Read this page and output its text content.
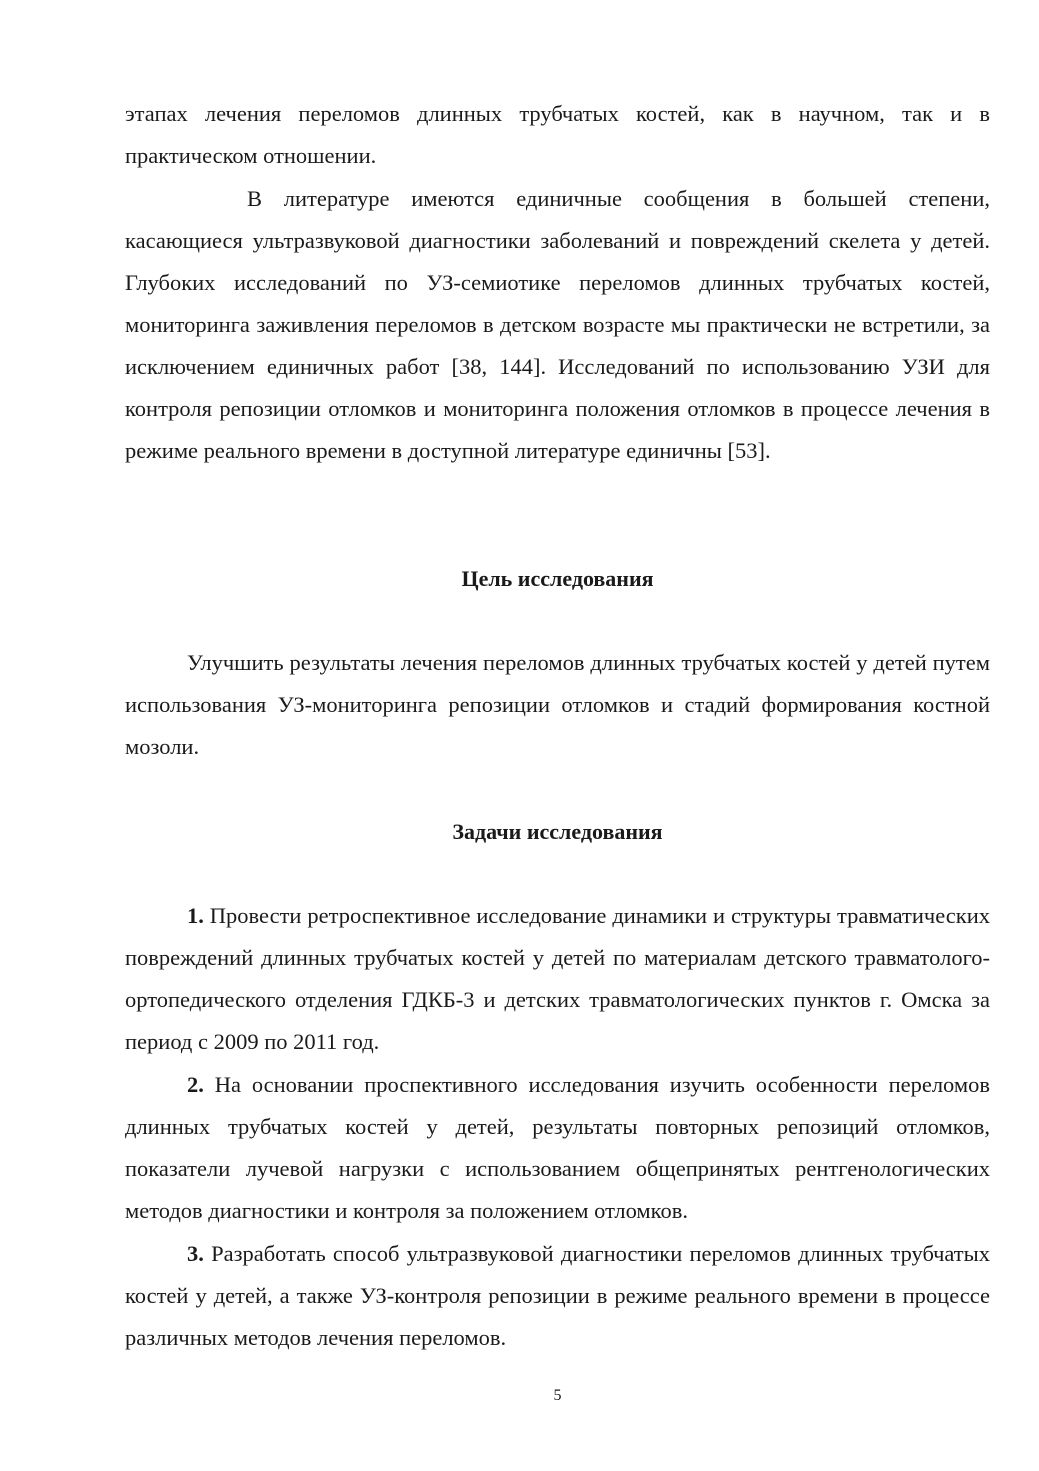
этапах лечения переломов длинных трубчатых костей, как в научном, так и в практическом отношении.

В литературе имеются единичные сообщения в большей степени, касающиеся ультразвуковой диагностики заболеваний и повреждений скелета у детей. Глубоких исследований по УЗ-семиотике переломов длинных трубчатых костей, мониторинга заживления переломов в детском возрасте мы практически не встретили, за исключением единичных работ [38, 144]. Исследований по использованию УЗИ для контроля репозиции отломков и мониторинга положения отломков в процессе лечения в режиме реального времени в доступной литературе единичны [53].

Цель исследования

Улучшить результаты лечения переломов длинных трубчатых костей у детей путем использования УЗ-мониторинга репозиции отломков и стадий формирования костной мозоли.

Задачи исследования

1. Провести ретроспективное исследование динамики и структуры травматических повреждений длинных трубчатых костей у детей по материалам детского травматолого-ортопедического отделения ГДКБ-3 и детских травматологических пунктов г. Омска за период с 2009 по 2011 год.

2. На основании проспективного исследования изучить особенности переломов длинных трубчатых костей у детей, результаты повторных репозиций отломков, показатели лучевой нагрузки с использованием общепринятых рентгенологических методов диагностики и контроля за положением отломков.

3. Разработать способ ультразвуковой диагностики переломов длинных трубчатых костей у детей, а также УЗ-контроля репозиции в режиме реального времени в процессе различных методов лечения переломов.

5
